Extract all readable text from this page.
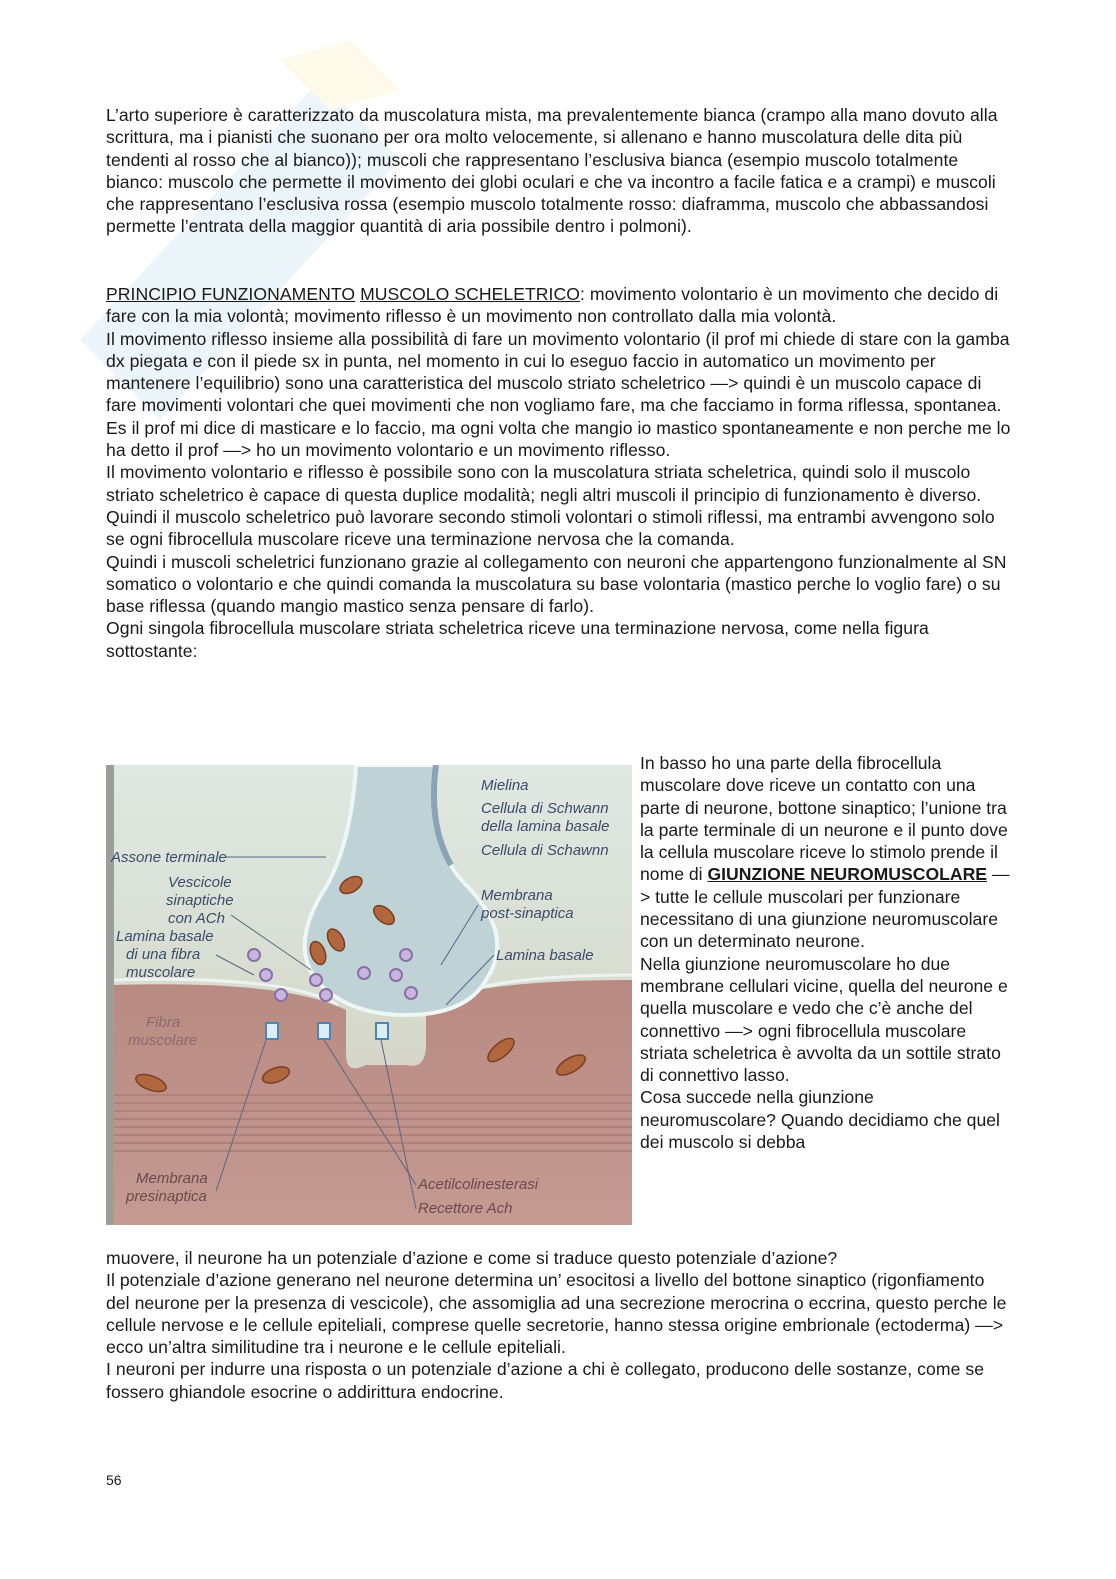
L’arto superiore è caratterizzato da muscolatura mista, ma prevalentemente bianca (crampo alla mano dovuto alla scrittura, ma i pianisti che suonano per ora molto velocemente, si allenano e hanno muscolatura delle dita più tendenti al rosso che al bianco)); muscoli che rappresentano l’esclusiva bianca (esempio muscolo totalmente bianco: muscolo che permette il movimento dei globi oculari e che va incontro a facile fatica e a crampi) e muscoli che rappresentano l’esclusiva rossa (esempio muscolo totalmente rosso: diaframma, muscolo che abbassandosi permette l’entrata della maggior quantità di aria possibile dentro i polmoni).
PRINCIPIO FUNZIONAMENTO MUSCOLO SCHELETRICO: movimento volontario è un movimento che decido di fare con la mia volontà; movimento riflesso è un movimento non controllato dalla mia volontà.
Il movimento riflesso insieme alla possibilità di fare un movimento volontario (il prof mi chiede di stare con la gamba dx piegata e con il piede sx in punta, nel momento in cui lo eseguo faccio in automatico un movimento per mantenere l’equilibrio) sono una caratteristica del muscolo striato scheletrico —> quindi è un muscolo capace di fare movimenti volontari che quei movimenti che non vogliamo fare, ma che facciamo in forma riflessa, spontanea.
Es il prof mi dice di masticare e lo faccio, ma ogni volta che mangio io mastico spontaneamente e non perche me lo ha detto il prof —> ho un movimento volontario e un movimento riflesso.
Il movimento volontario e riflesso è possibile sono con la muscolatura striata scheletrica, quindi solo il muscolo striato scheletrico è capace di questa duplice modalità; negli altri muscoli il principio di funzionamento è diverso.
Quindi il muscolo scheletrico può lavorare secondo stimoli volontari o stimoli riflessi, ma entrambi avvengono solo se ogni fibrocellula muscolare riceve una terminazione nervosa che la comanda.
Quindi i muscoli scheletrici funzionano grazie al collegamento con neuroni che appartengono funzionalmente al SN somatico o volontario e che quindi comanda la muscolatura su base volontaria (mastico perche lo voglio fare) o su base riflessa (quando mangio mastico senza pensare di farlo).
Ogni singola fibrocellula muscolare striata scheletrica riceve una terminazione nervosa, come nella figura sottostante:
Mielina
Cellula di Schwann
della lamina basale
Cellula di Schawnn
Assone terminale
Vescicole
sinaptiche
con ACh
Lamina basale
di una fibra
muscolare
Membrana
post-sinaptica
Lamina basale
Fibra
muscolare
Membrana
presinaptica
Acetilcolinesterasi
Recettore Ach
In basso ho una parte della fibrocellula muscolare dove riceve un contatto con una parte di neurone, bottone sinaptico; l’unione tra la parte terminale di un neurone e il punto dove la cellula muscolare riceve lo stimolo prende il nome di GIUNZIONE NEUROMUSCOLARE —> tutte le cellule muscolari per funzionare necessitano di una giunzione neuromuscolare con un determinato neurone.
Nella giunzione neuromuscolare ho due membrane cellulari vicine, quella del neurone e quella muscolare e vedo che c’è anche del connettivo —> ogni fibrocellula muscolare striata scheletrica è avvolta da un sottile strato di connettivo lasso.
Cosa succede nella giunzione neuromuscolare? Quando decidiamo che quel dei muscolo si debba
muovere, il neurone ha un potenziale d’azione e come si traduce questo potenziale d’azione?
Il potenziale d’azione generano nel neurone determina un’ esocitosi a livello del bottone sinaptico (rigonfiamento del neurone per la presenza di vescicole), che assomiglia ad una secrezione merocrina o eccrina, questo perche le cellule nervose e le cellule epiteliali, comprese quelle secretorie, hanno stessa origine embrionale (ectoderma) —> ecco un’altra similitudine tra i neurone e le cellule epiteliali.
I neuroni per indurre una risposta o un potenziale d’azione a chi è collegato, producono delle sostanze, come se fossero ghiandole esocrine o addirittura endocrine.
56
